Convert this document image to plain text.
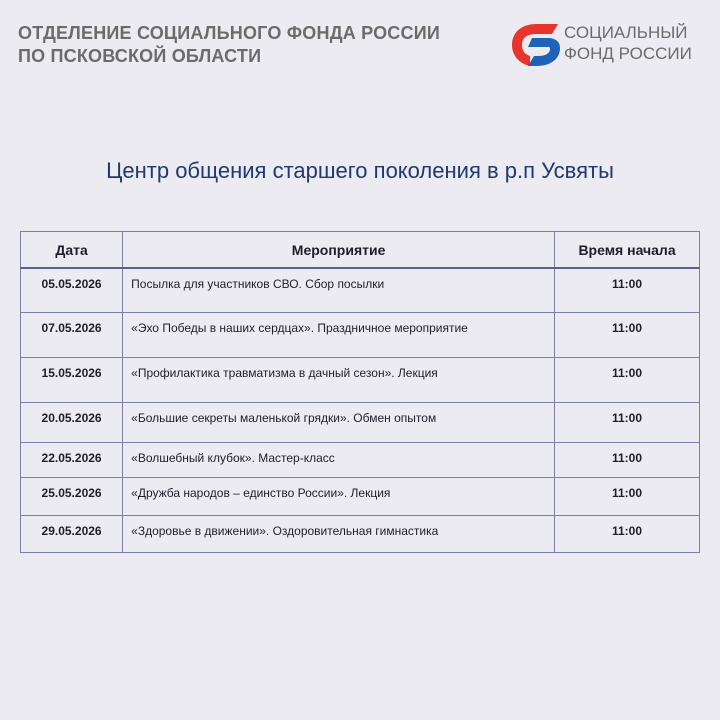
ОТДЕЛЕНИЕ СОЦИАЛЬНОГО ФОНДА РОССИИ
ПО ПСКОВСКОЙ ОБЛАСТИ
СОЦИАЛЬНЫЙ
ФОНД РОССИИ
Центр общения старшего поколения в р.п Усвяты
Дата	Мероприятие	Время начала
05.05.2026	Посылка для участников СВО. Сбор посылки	11:00
07.05.2026	«Эхо Победы в наших сердцах». Праздничное мероприятие	11:00
15.05.2026	«Профилактика травматизма в дачный сезон». Лекция	11:00
20.05.2026	«Большие секреты маленькой грядки». Обмен опытом	11:00
22.05.2026	«Волшебный клубок». Мастер-класс	11:00
25.05.2026	«Дружба народов – единство России». Лекция	11:00
29.05.2026	«Здоровье в движении». Оздоровительная гимнастика	11:00
